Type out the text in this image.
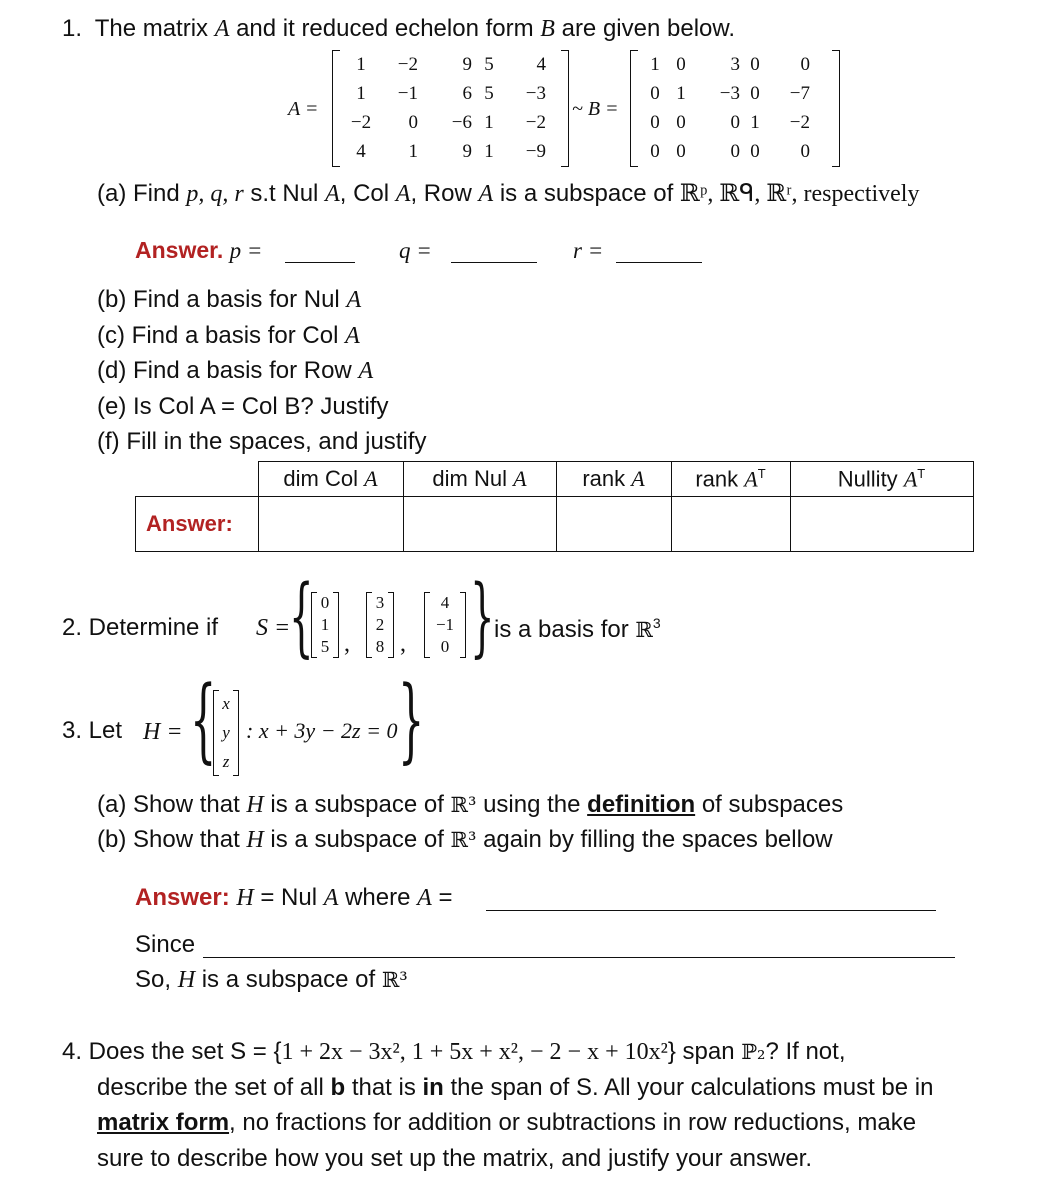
1. The matrix A and it reduced echelon form B are given below.
A =
1	−2	9 5	4
1	−1	6 5	−3
−2	0	−6 1	−2
4	1	9 1	−9
~ B =
1 0	3 0	0
0 1	−3 0	−7
0 0	0 1	−2
0 0	0 0	0
(a) Find p, q, r s.t Nul A, Col A, Row A is a subspace of ℝᵖ, ℝᑫ, ℝʳ, respectively
Answer. p =	q =	r =
(b) Find a basis for Nul A
(c) Find a basis for Col A
(d) Find a basis for Row A
(e) Is Col A = Col B? Justify
(f) Fill in the spaces, and justify
	dim Col A	dim Nul A	rank A	rank $A^T$	Nullity $A^T$
Answer:					
2. Determine if S =
{ 0
1
5 ,
3
2
8 ,
4
−1
0 } is a basis for ℝ$^3$
3. Let H = { x
y
z
: x + 3y − 2z = 0 }
(a) Show that H is a subspace of ℝ³ using the definition of subspaces
(b) Show that H is a subspace of ℝ³ again by filling the spaces bellow
Answer: H = Nul A where A =
Since
So, H is a subspace of ℝ³
4. Does the set S = {1 + 2x − 3x², 1 + 5x + x², − 2 − x + 10x²} span ℙ₂? If not,
describe the set of all b that is in the span of S. All your calculations must be in
matrix form, no fractions for addition or subtractions in row reductions, make
sure to describe how you set up the matrix, and justify your answer.
